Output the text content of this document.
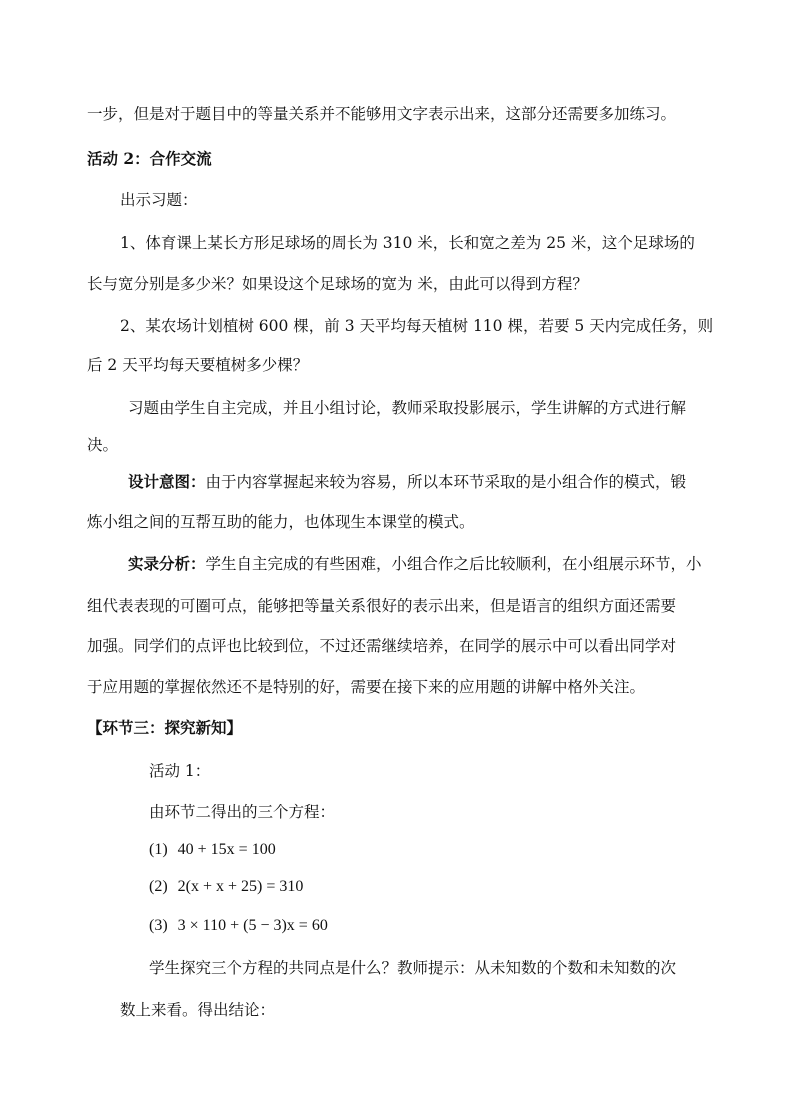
一步，但是对于题目中的等量关系并不能够用文字表示出来，这部分还需要多加练习。
活动 2：合作交流
出示习题：
1、体育课上某长方形足球场的周长为 310 米，长和宽之差为 25 米，这个足球场的
长与宽分别是多少米？如果设这个足球场的宽为 米，由此可以得到方程？
2、某农场计划植树 600 棵，前 3 天平均每天植树 110 棵，若要 5 天内完成任务，则
后 2 天平均每天要植树多少棵？
习题由学生自主完成，并且小组讨论，教师采取投影展示，学生讲解的方式进行解
决。
设计意图：由于内容掌握起来较为容易，所以本环节采取的是小组合作的模式，锻
炼小组之间的互帮互助的能力，也体现生本课堂的模式。
实录分析：学生自主完成的有些困难，小组合作之后比较顺利，在小组展示环节，小
组代表表现的可圈可点，能够把等量关系很好的表示出来，但是语言的组织方面还需要
加强。同学们的点评也比较到位，不过还需继续培养，在同学的展示中可以看出同学对
于应用题的掌握依然还不是特别的好，需要在接下来的应用题的讲解中格外关注。
【环节三：探究新知】
活动 1：
由环节二得出的三个方程：
(1) 40 + 15x = 100
(2) 2(x + x + 25) = 310
(3) 3 × 110 + (5 − 3)x = 60
学生探究三个方程的共同点是什么？教师提示：从未知数的个数和未知数的次
数上来看。得出结论：
